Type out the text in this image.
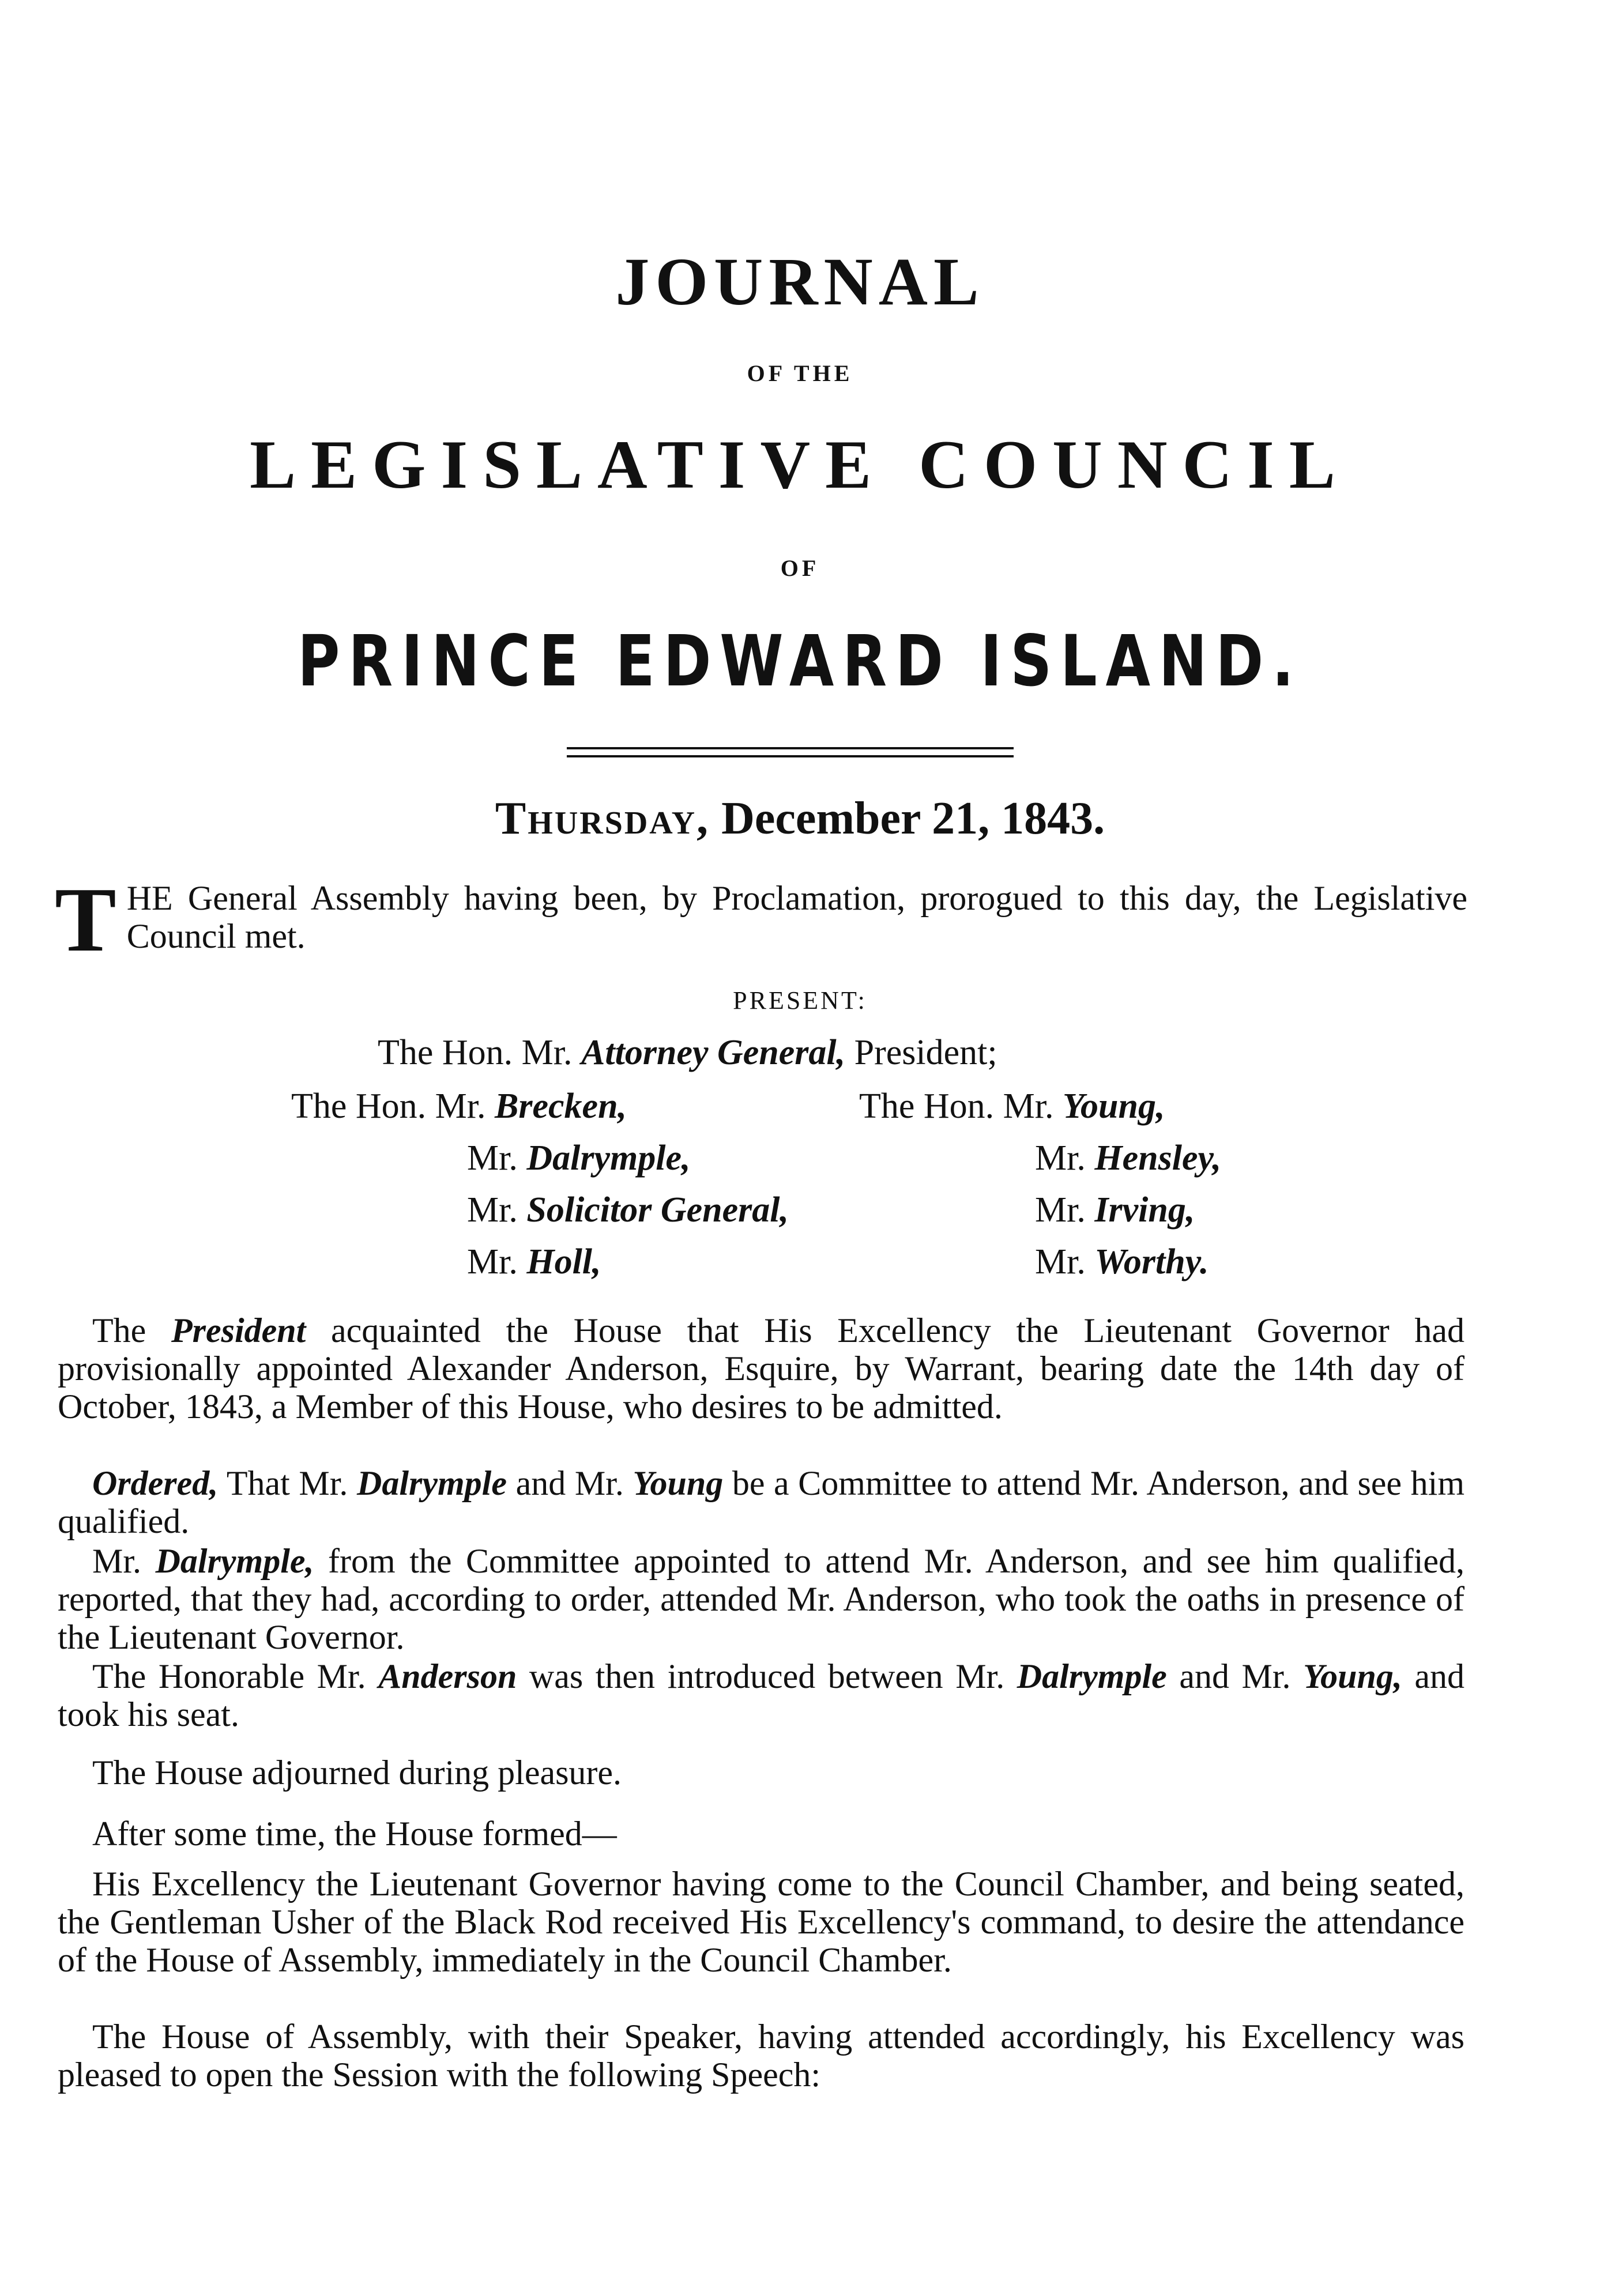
JOURNAL
OF THE
LEGISLATIVE COUNCIL
OF
PRINCE EDWARD ISLAND.
Thursday, December 21, 1843.

THE General Assembly having been, by Proclamation, prorogued to this day, the Legislative Council met.

PRESENT:
The Hon. Mr. Attorney General, President;
The Hon. Mr. Brecken,
Mr. Dalrymple,
Mr. Solicitor General,
Mr. Holl,
The Hon. Mr. Young,
Mr. Hensley,
Mr. Irving,
Mr. Worthy.

The President acquainted the House that His Excellency the Lieutenant Governor had provisionally appointed Alexander Anderson, Esquire, by Warrant, bearing date the 14th day of October, 1843, a Member of this House, who desires to be admitted.

Ordered, That Mr. Dalrymple and Mr. Young be a Committee to attend Mr. Anderson, and see him qualified.

Mr. Dalrymple, from the Committee appointed to attend Mr. Anderson, and see him qualified, reported, that they had, according to order, attended Mr. Anderson, who took the oaths in presence of the Lieutenant Governor.

The Honorable Mr. Anderson was then introduced between Mr. Dalrymple and Mr. Young, and took his seat.

The House adjourned during pleasure.

After some time, the House formed—

His Excellency the Lieutenant Governor having come to the Council Chamber, and being seated, the Gentleman Usher of the Black Rod received His Excellency's command, to desire the attendance of the House of Assembly, immediately in the Council Chamber.

The House of Assembly, with their Speaker, having attended accordingly, his Excellency was pleased to open the Session with the following Speech:
